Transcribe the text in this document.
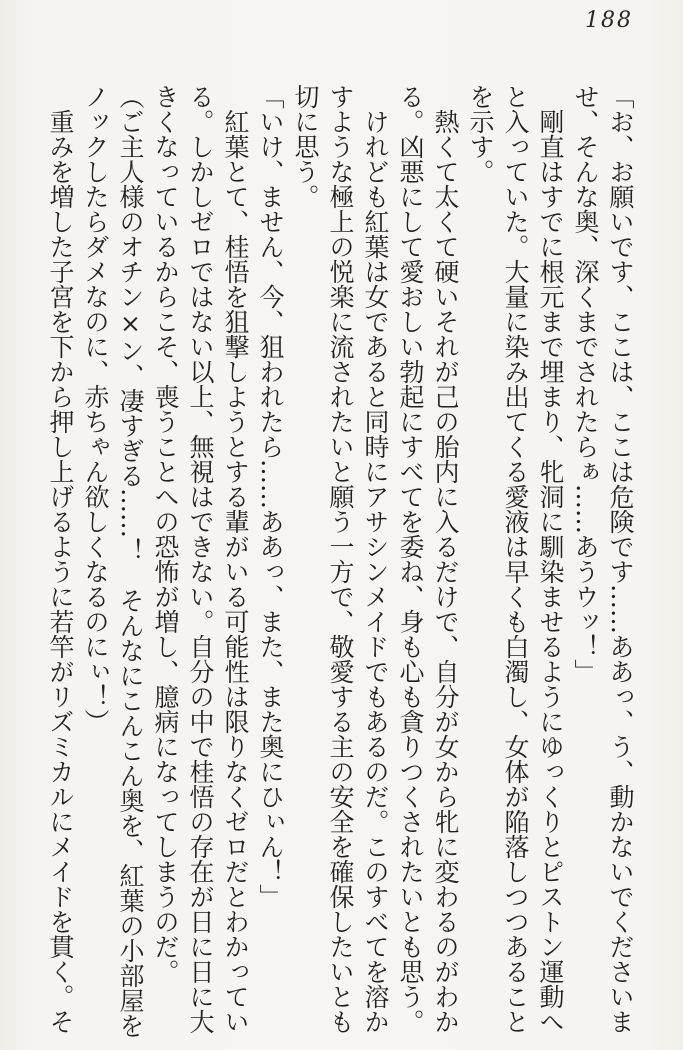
188

「お、お願いです、ここは、ここは危険です……ああっ、う、動かないでくださいませ、そんな奥、深くまでされたらぁ……あうウッ！」

剛直はすでに根元まで埋まり、牝洞に馴染ませるようにゆっくりとピストン運動へと入っていた。大量に染み出てくる愛液は早くも白濁し、女体が陥落しつつあることを示す。

熱くて太くて硬いそれが己の胎内に入るだけで、自分が女から牝に変わるのがわかる。凶悪にして愛おしい勃起にすべてを委ね、身も心も貪りつくされたいとも思う。

けれども紅葉は女であると同時にアサシンメイドでもあるのだ。このすべてを溶かすような極上の悦楽に流されたいと願う一方で、敬愛する主の安全を確保したいとも切に思う。

「いけ、ません、今、狙われたら……ああっ、また、また奥にひぃん！」

紅葉とて、桂悟を狙撃しようとする輩がいる可能性は限りなくゼロだとわかっている。しかしゼロではない以上、無視はできない。自分の中で桂悟の存在が日に日に大きくなっているからこそ、喪うことへの恐怖が増し、臆病になってしまうのだ。

（ご主人様のオチン×ン、凄すぎる……！　そんなにこんこん奥を、紅葉の小部屋をノックしたらダメなのに、赤ちゃん欲しくなるのにぃ！）

重みを増した子宮を下から押し上げるように若竿がリズミカルにメイドを貫く。そ
